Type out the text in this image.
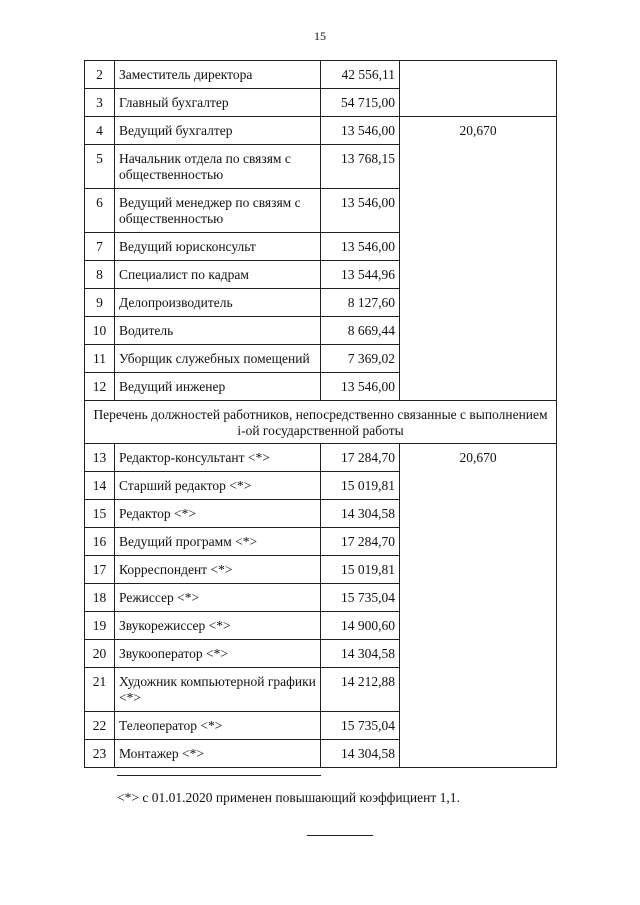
15
2	Заместитель директора	42 556,11	
3	Главный бухгалтер	54 715,00	
4	Ведущий бухгалтер	13 546,00	20,670
5	Начальник отдела по связям с общественностью	13 768,15	
6	Ведущий менеджер по связям с общественностью	13 546,00	
7	Ведущий юрисконсульт	13 546,00	
8	Специалист по кадрам	13 544,96	
9	Делопроизводитель	8 127,60	
10	Водитель	8 669,44	
11	Уборщик служебных помещений	7 369,02	
12	Ведущий инженер	13 546,00	
Перечень должностей работников, непосредственно связанные с выполнением i-ой государственной работы			
13	Редактор-консультант <*>	17 284,70	20,670
14	Старший редактор <*>	15 019,81	
15	Редактор <*>	14 304,58	
16	Ведущий программ <*>	17 284,70	
17	Корреспондент <*>	15 019,81	
18	Режиссер <*>	15 735,04	
19	Звукорежиссер <*>	14 900,60	
20	Звукооператор <*>	14 304,58	
21	Художник компьютерной графики <*>	14 212,88	
22	Телеоператор <*>	15 735,04	
23	Монтажер <*>	14 304,58	
<*> с 01.01.2020 применен повышающий коэффициент 1,1.
